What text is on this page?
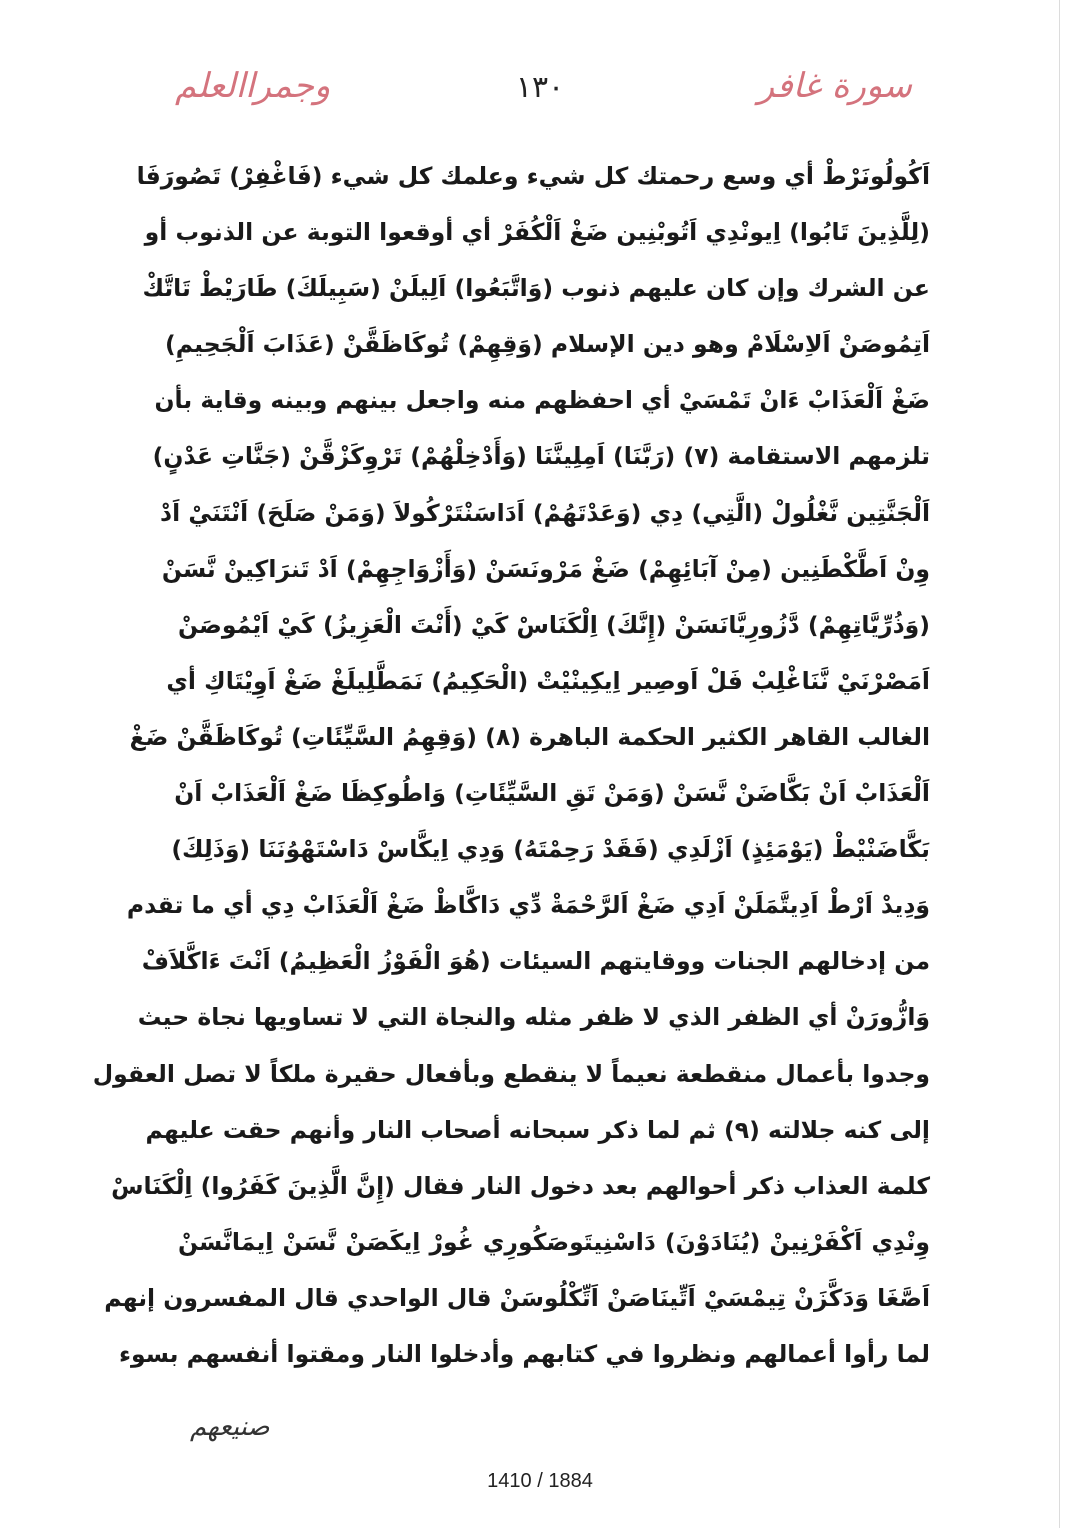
وجمراالعلم	١٣٠	سورة غافر
اَكُولُونَرْطْ أي وسع رحمتك كل شيء وعلمك كل شيء (فَاغْفِرْ) تَصُورَفَا
(لِلَّذِينَ تَابُوا) اِيونْدِي اَتُوبْنِين ضَغْ اَلْكُفَرْ أي أوقعوا التوبة عن الذنوب أو
عن الشرك وإن كان عليهم ذنوب (وَاتَّبَعُوا) اَلِيلَنْ (سَبِيلَكَ) طَارَيْطْ تَاتَّكْ
اَتِمُوصَنْ اَلاِسْلَامْ وهو دين الإسلام (وَقِهِمْ) تُوكَاظَقَّنْ (عَذَابَ اَلْجَحِيمِ)
ضَغْ اَلْعَذَابْ ءَانْ تَمْسَيْ أي احفظهم منه واجعل بينهم وبينه وقاية بأن
تلزمهم الاستقامة (٧) (رَبَّنَا) اَمِلِينَّنَا (وَأَدْخِلْهُمْ) تَرْوِكَزْقَّنْ (جَنَّاتِ عَدْنٍ)
اَلْجَنَّتِين نَّغْلُولْ (الَّتِي) دِي (وَعَدْتَهُمْ) اَدَاسَنْتَرْكُولاَ (وَمَنْ صَلَحَ) اَنْتَنَيْ اَدْ
وِنْ اَطَّكْطَنِين (مِنْ آبَائِهِمْ) ضَغْ مَرْونَسَنْ (وَأَزْوَاجِهِمْ) اَدْ تَنرَاكِينْ نَّسَنْ
(وَذُرِّيَّاتِهِمْ) دَّزُورِيَّانَسَنْ (إِنَّكَ) اِلْكَنَاسْ كَيْ (أَنْتَ الْعَزِيزُ) كَيْ اَيْمُوصَنْ
اَمَصْرْنَيْ نَّنَاغْلِبْ فَلْ اَوصِير اِيكِينْيْتْ (الْحَكِيمُ) نَمَطَّلِيلَغْ ضَغْ اَوِيْتَاكِ أي
الغالب القاهر الكثير الحكمة الباهرة (٨) (وَقِهِمُ السَّيِّئَاتِ) تُوكَاظَقَّنْ ضَغْ
اَلْعَذَابْ اَنْ بَكَّاضَنْ نَّسَنْ (وَمَنْ تَقِ السَّيِّئَاتِ) وَاطُوكِظَا ضَغْ اَلْعَذَابْ اَنْ
بَكَّاضَنْيْطْ (يَوْمَئِذٍ) اَزْلَدِي (فَقَدْ رَحِمْتَهُ) وَدِي اِيكَّاسْ دَاسْتَهْوُنَنَا (وَذَلِكَ)
وَدِيدْ اَرْطْ اَدِيتَّمَلَنْ اَدِي ضَغْ اَلرَّحْمَةْ دِّي دَاكَّاظْ ضَغْ اَلْعَذَابْ دِي أي ما تقدم
من إدخالهم الجنات ووقايتهم السيئات (هُوَ الْفَوْزُ الْعَظِيمُ) اَنْتَ ءَاكَّلاَفْ
وَازُّورَنْ أي الظفر الذي لا ظفر مثله والنجاة التي لا تساويها نجاة حيث
وجدوا بأعمال منقطعة نعيماً لا ينقطع وبأفعال حقيرة ملكاً لا تصل العقول
إلى كنه جلالته (٩) ثم لما ذكر سبحانه أصحاب النار وأنهم حقت عليهم
كلمة العذاب ذكر أحوالهم بعد دخول النار فقال (إِنَّ الَّذِينَ كَفَرُوا) اِلْكَنَاسْ
وِنْدِي اَكْفَرْنِينْ (يُنَادَوْنَ) دَاسْنِيتَوصَكُورِي غُورْ اِيكَصَنْ نَّسَنْ اِيمَانَّسَنْ
اَصَّغَا وَدَكَّزَنْ تِيمْسَيْ اَتِّينَاصَنْ اَتِّكْلُوسَنْ قال الواحدي قال المفسرون إنهم
لما رأوا أعمالهم ونظروا في كتابهم وأدخلوا النار ومقتوا أنفسهم بسوء
صنيعهم
1410 / 1884
